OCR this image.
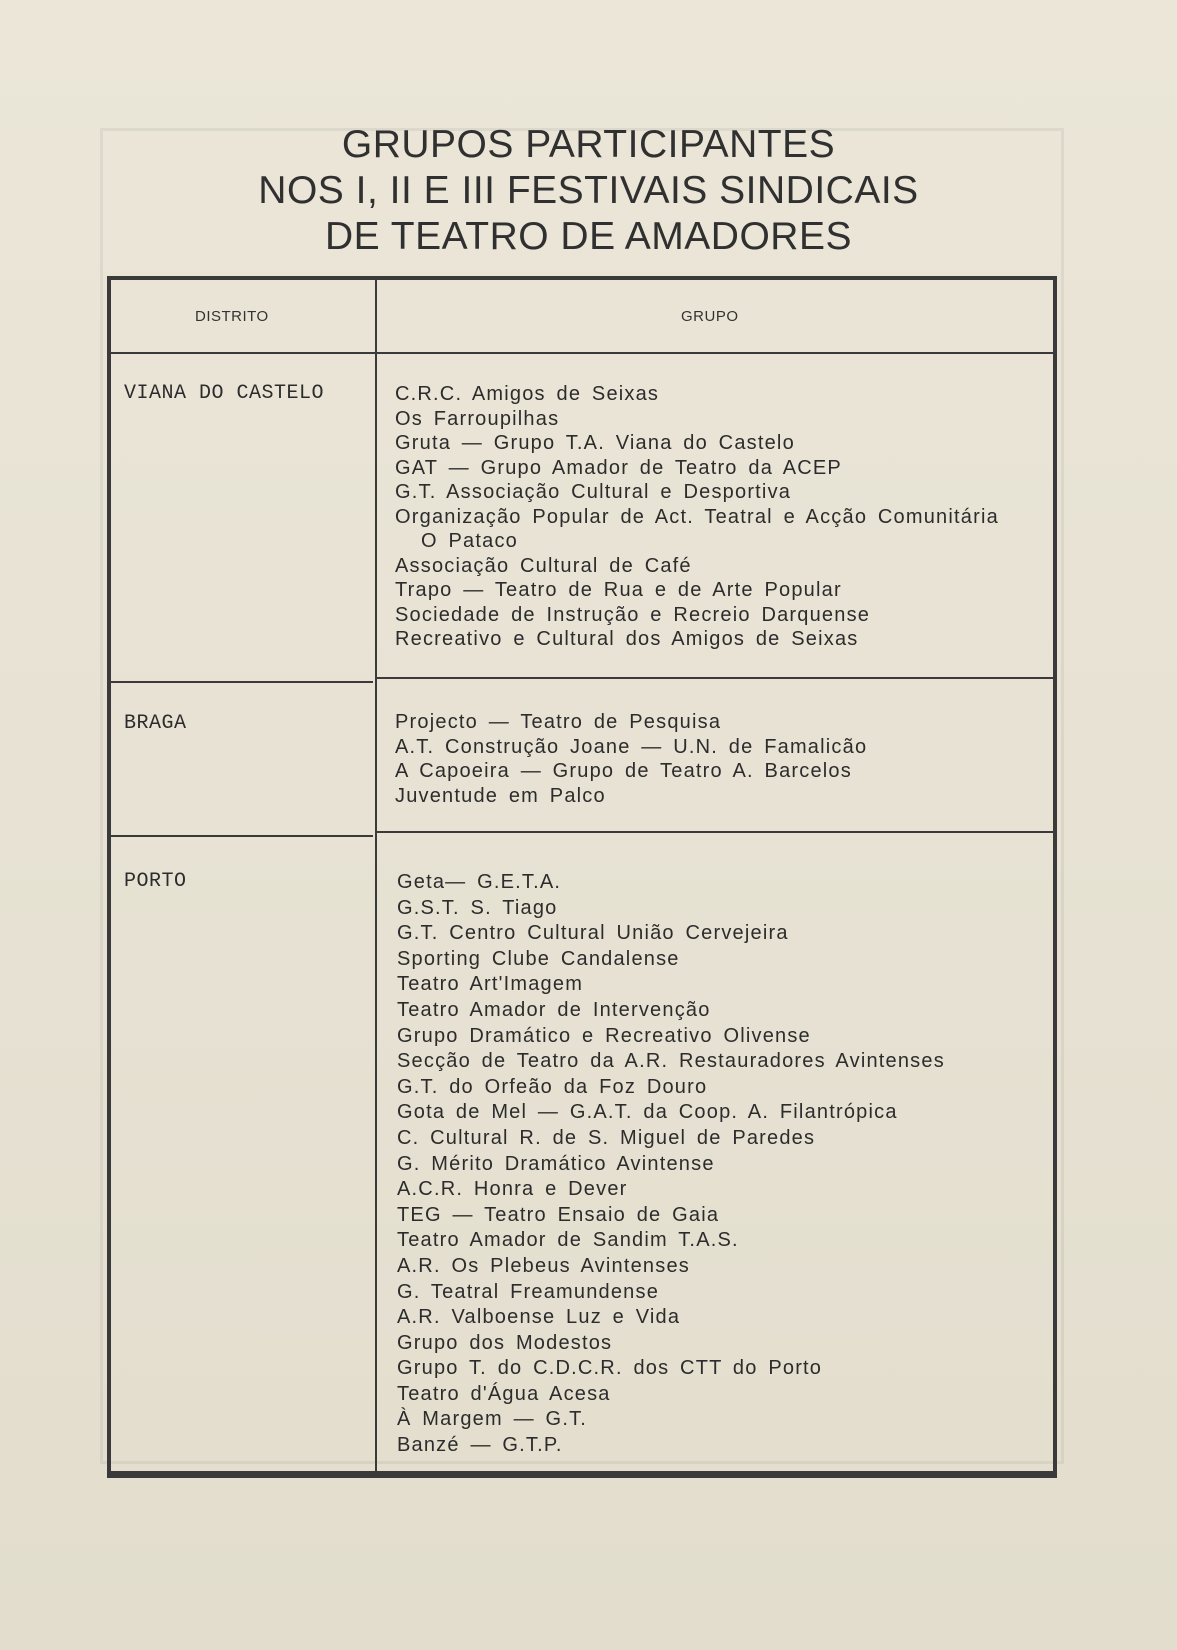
GRUPOS PARTICIPANTES
NOS I, II E III FESTIVAIS SINDICAIS
DE TEATRO DE AMADORES
DISTRITO	GRUPO
VIANA DO CASTELO	C.R.C. Amigos de Seixas
Os Farroupilhas
Gruta — Grupo T.A. Viana do Castelo
GAT — Grupo Amador de Teatro da ACEP
G.T. Associação Cultural e Desportiva
Organização Popular de Act. Teatral e Acção Comunitária
O Pataco
Associação Cultural de Café
Trapo — Teatro de Rua e de Arte Popular
Sociedade de Instrução e Recreio Darquense
Recreativo e Cultural dos Amigos de Seixas
BRAGA	Projecto — Teatro de Pesquisa
A.T. Construção Joane — U.N. de Famalicão
A Capoeira — Grupo de Teatro A. Barcelos
Juventude em Palco
PORTO	Geta— G.E.T.A.
G.S.T. S. Tiago
G.T. Centro Cultural União Cervejeira
Sporting Clube Candalense
Teatro Art'Imagem
Teatro Amador de Intervenção
Grupo Dramático e Recreativo Olivense
Secção de Teatro da A.R. Restauradores Avintenses
G.T. do Orfeão da Foz Douro
Gota de Mel — G.A.T. da Coop. A. Filantrópica
C. Cultural R. de S. Miguel de Paredes
G. Mérito Dramático Avintense
A.C.R. Honra e Dever
TEG — Teatro Ensaio de Gaia
Teatro Amador de Sandim T.A.S.
A.R. Os Plebeus Avintenses
G. Teatral Freamundense
A.R. Valboense Luz e Vida
Grupo dos Modestos
Grupo T. do C.D.C.R. dos CTT do Porto
Teatro d'Água Acesa
À Margem — G.T.
Banzé — G.T.P.
